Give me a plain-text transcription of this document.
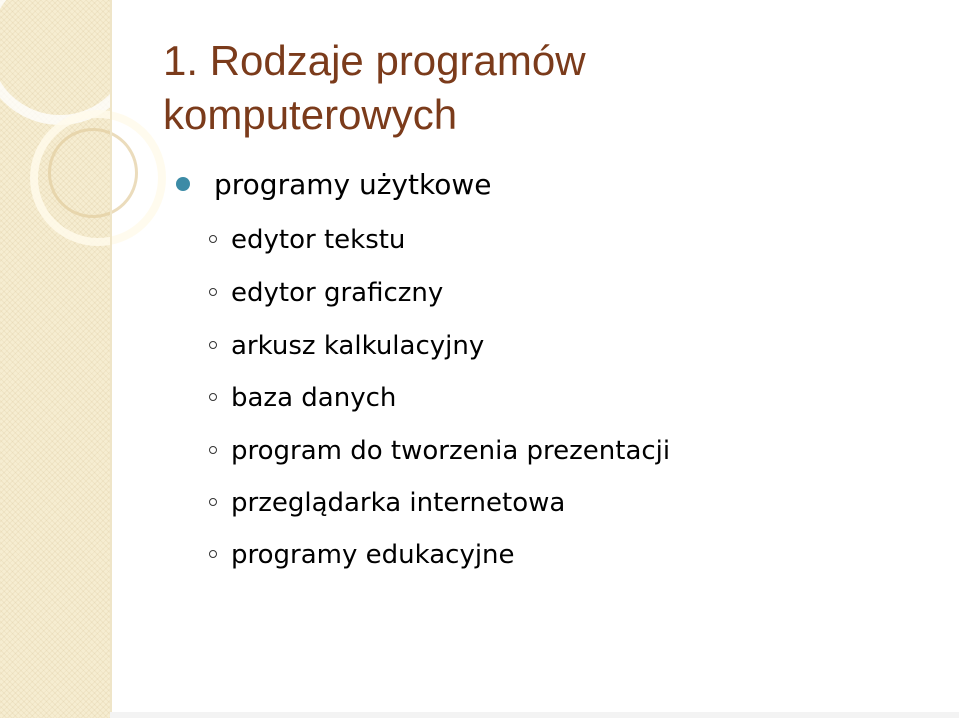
1. Rodzaje programów
komputerowych
programy użytkowe
edytor tekstu
edytor graficzny
arkusz kalkulacyjny
baza danych
program do tworzenia prezentacji
przeglądarka internetowa
programy edukacyjne
